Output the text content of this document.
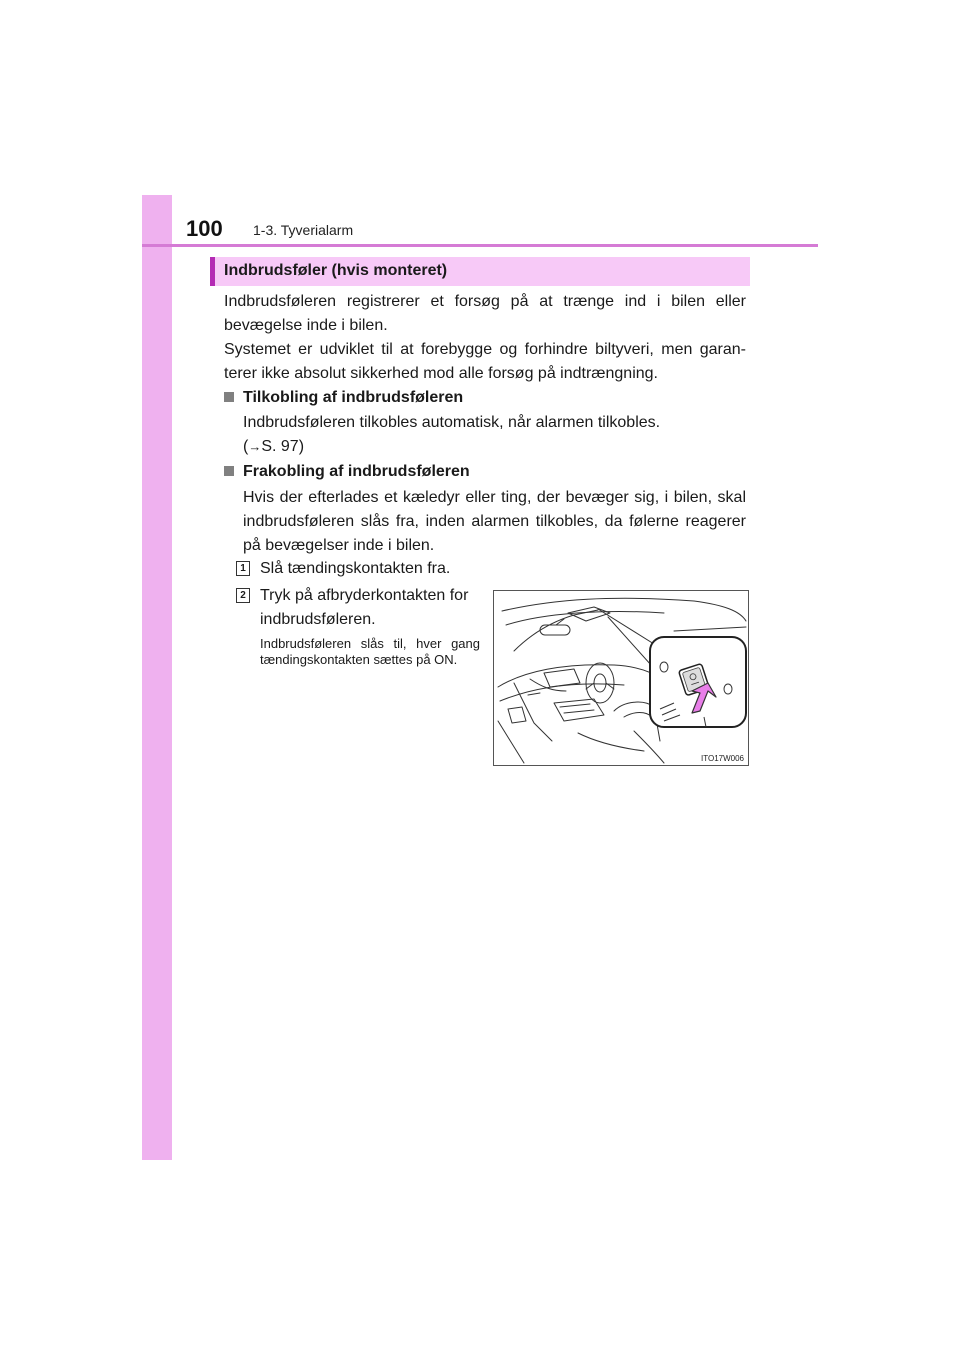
100 1-3. Tyverialarm
Indbrudsføler (hvis monteret)
Indbrudsføleren registrerer et forsøg på at trænge ind i bilen eller bevægelse inde i bilen.
Systemet er udviklet til at forebygge og forhindre biltyveri, men garan-terer ikke absolut sikkerhed mod alle forsøg på indtrængning.
Tilkobling af indbrudsføleren
Indbrudsføleren tilkobles automatisk, når alarmen tilkobles.
(→S. 97)
Frakobling af indbrudsføleren
Hvis der efterlades et kæledyr eller ting, der bevæger sig, i bilen, skal indbrudsføleren slås fra, inden alarmen tilkobles, da følerne reagerer på bevægelser inde i bilen.
1 Slå tændingskontakten fra.
2 Tryk på afbryderkontakten for indbrudsføleren.
Indbrudsføleren slås til, hver gang tændingskontakten sættes på ON.
ITO17W006
